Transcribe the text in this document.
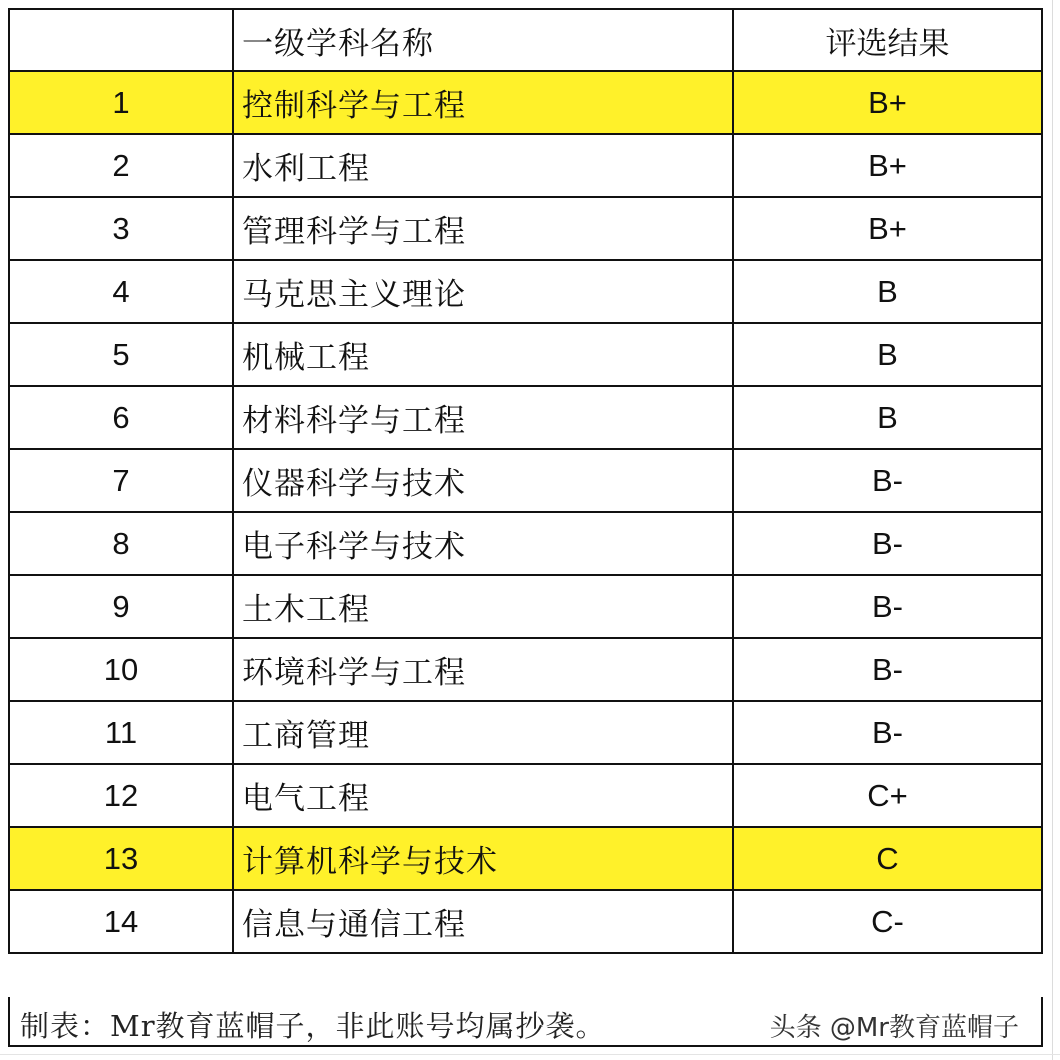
	一级学科名称	评选结果
1	控制科学与工程	B+
2	水利工程	B+
3	管理科学与工程	B+
4	马克思主义理论	B
5	机械工程	B
6	材料科学与工程	B
7	仪器科学与技术	B-
8	电子科学与技术	B-
9	土木工程	B-
10	环境科学与工程	B-
11	工商管理	B-
12	电气工程	C+
13	计算机科学与技术	C
14	信息与通信工程	C-
制表：Mr教育蓝帽子，非此账号均属抄袭。	头条 @Mr教育蓝帽子
